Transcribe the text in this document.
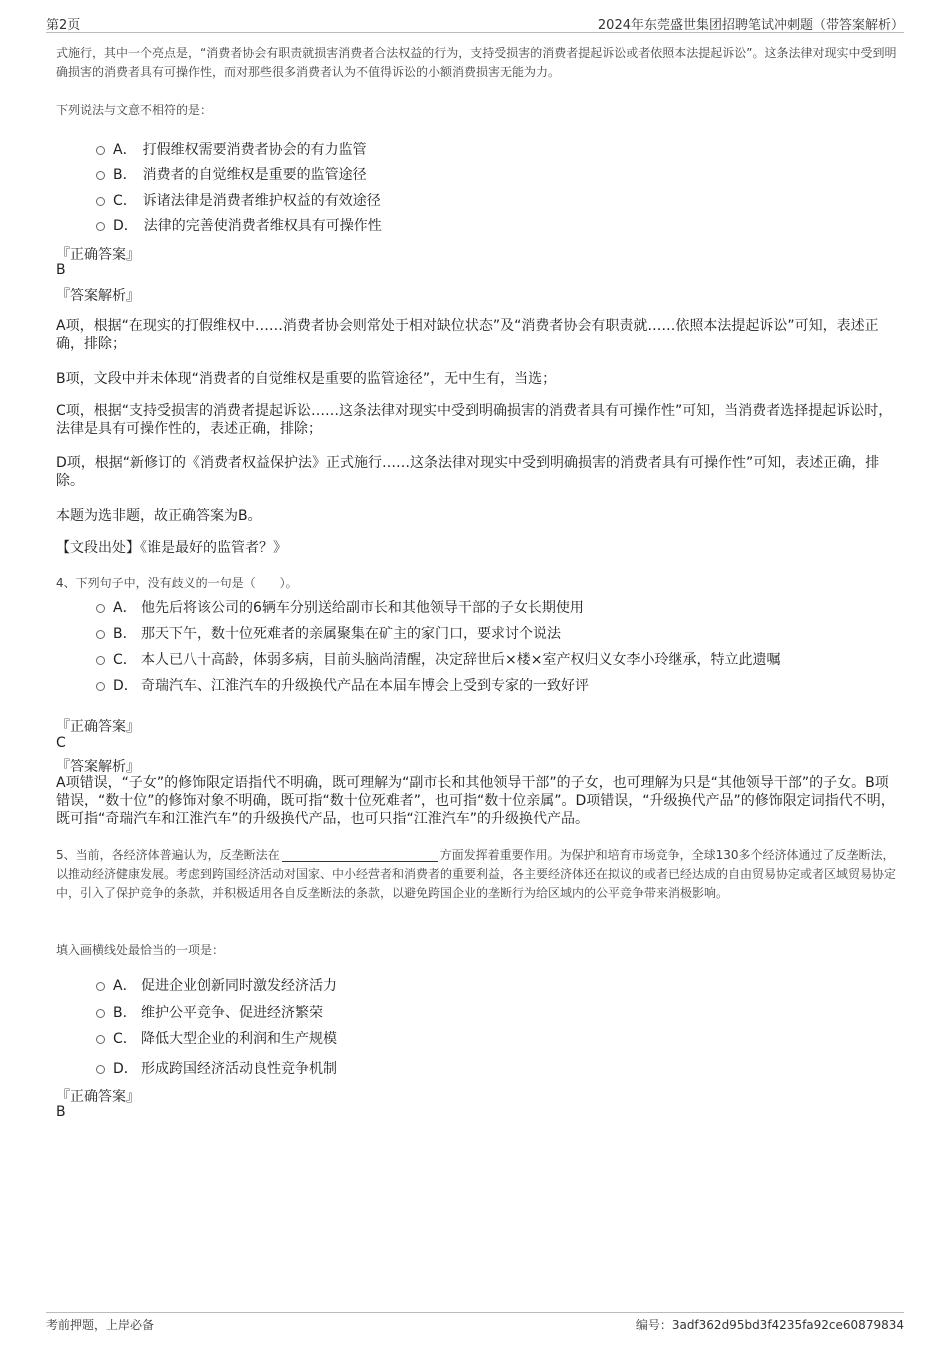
第2页	2024年东莞盛世集团招聘笔试冲刺题（带答案解析）

式施行，其中一个亮点是，“消费者协会有职责就损害消费者合法权益的行为，支持受损害的消费者提起诉讼或者依照本法提起诉讼”。这条法律对现实中受到明确损害的消费者具有可操作性，而对那些很多消费者认为不值得诉讼的小额消费损害无能为力。

下列说法与文意不相符的是：

A． 打假维权需要消费者协会的有力监管
B． 消费者的自觉维权是重要的监管途径
C． 诉诸法律是消费者维护权益的有效途径
D． 法律的完善使消费者维权具有可操作性
『正确答案』
B
『答案解析』

A项，根据“在现实的打假维权中……消费者协会则常处于相对缺位状态”及“消费者协会有职责就……依照本法提起诉讼”可知，表述正确，排除；

B项，文段中并未体现“消费者的自觉维权是重要的监管途径”，无中生有，当选；

C项，根据“支持受损害的消费者提起诉讼……这条法律对现实中受到明确损害的消费者具有可操作性”可知，当消费者选择提起诉讼时，法律是具有可操作性的，表述正确，排除；

D项，根据“新修订的《消费者权益保护法》正式施行……这条法律对现实中受到明确损害的消费者具有可操作性”可知，表述正确，排除。

本题为选非题，故正确答案为B。

【文段出处】《谁是最好的监管者？》

4、下列句子中，没有歧义的一句是（　　）。

A． 他先后将该公司的6辆车分别送给副市长和其他领导干部的子女长期使用
B． 那天下午，数十位死难者的亲属聚集在矿主的家门口，要求讨个说法
C． 本人已八十高龄，体弱多病，目前头脑尚清醒，决定辞世后×楼×室产权归义女李小玲继承，特立此遗嘱
D． 奇瑞汽车、江淮汽车的升级换代产品在本届车博会上受到专家的一致好评
『正确答案』
C
『答案解析』

A项错误，“子女”的修饰限定语指代不明确，既可理解为“副市长和其他领导干部”的子女，也可理解为只是“其他领导干部”的子女。B项错误，“数十位”的修饰对象不明确，既可指“数十位死难者”，也可指“数十位亲属”。D项错误，“升级换代产品”的修饰限定词指代不明，既可指“奇瑞汽车和江淮汽车”的升级换代产品，也可只指“江淮汽车”的升级换代产品。

5、当前，各经济体普遍认为，反垄断法在	方面发挥着重要作用。为保护和培育市场竞争，全球130多个经济体通过了反垄断法，以推动经济健康发展。考虑到跨国经济活动对国家、中小经营者和消费者的重要利益，各主要经济体还在拟议的或者已经达成的自由贸易协定或者区域贸易协定中，引入了保护竞争的条款，并积极适用各自反垄断法的条款，以避免跨国企业的垄断行为给区域内的公平竞争带来消极影响。

填入画横线处最恰当的一项是：

A． 促进企业创新同时激发经济活力
B． 维护公平竞争、促进经济繁荣
C． 降低大型企业的利润和生产规模
D． 形成跨国经济活动良性竞争机制
『正确答案』
B
考前押题，上岸必备	编号：3adf362d95bd3f4235fa92ce60879834
